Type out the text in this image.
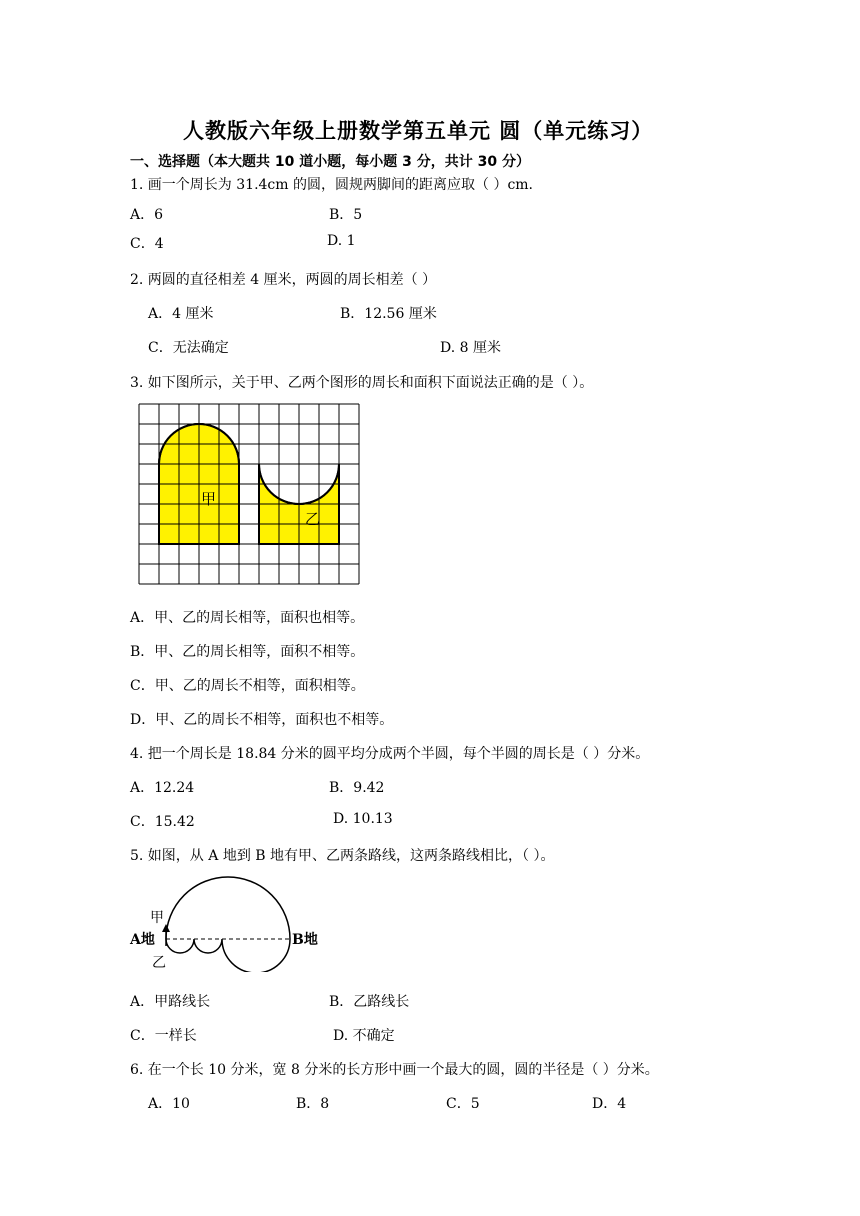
人教版六年级上册数学第五单元 圆（单元练习）
一、选择题（本大题共 10 道小题，每小题 3 分，共计 30 分）
1. 画一个周长为 31.4cm 的圆，圆规两脚间的距离应取（ ）cm.
A．6	B．5
C．4	D. 1
2. 两圆的直径相差 4 厘米，两圆的周长相差（ ）
A．4 厘米	B．12.56 厘米
C．无法确定	D. 8 厘米
3. 如下图所示，关于甲、乙两个图形的周长和面积下面说法正确的是（ ）。
甲
乙
A．甲、乙的周长相等，面积也相等。
B．甲、乙的周长相等，面积不相等。
C．甲、乙的周长不相等，面积相等。
D．甲、乙的周长不相等，面积也不相等。
4. 把一个周长是 18.84 分米的圆平均分成两个半圆，每个半圆的周长是（ ）分米。
A．12.24	B．9.42
C．15.42	D. 10.13
5. 如图，从 A 地到 B 地有甲、乙两条路线，这两条路线相比，（ ）。
甲
乙
A地	B地
A．甲路线长	B．乙路线长
C．一样长	D. 不确定
6. 在一个长 10 分米，宽 8 分米的长方形中画一个最大的圆，圆的半径是（ ）分米。
A．10	B．8	C．5	D．4
